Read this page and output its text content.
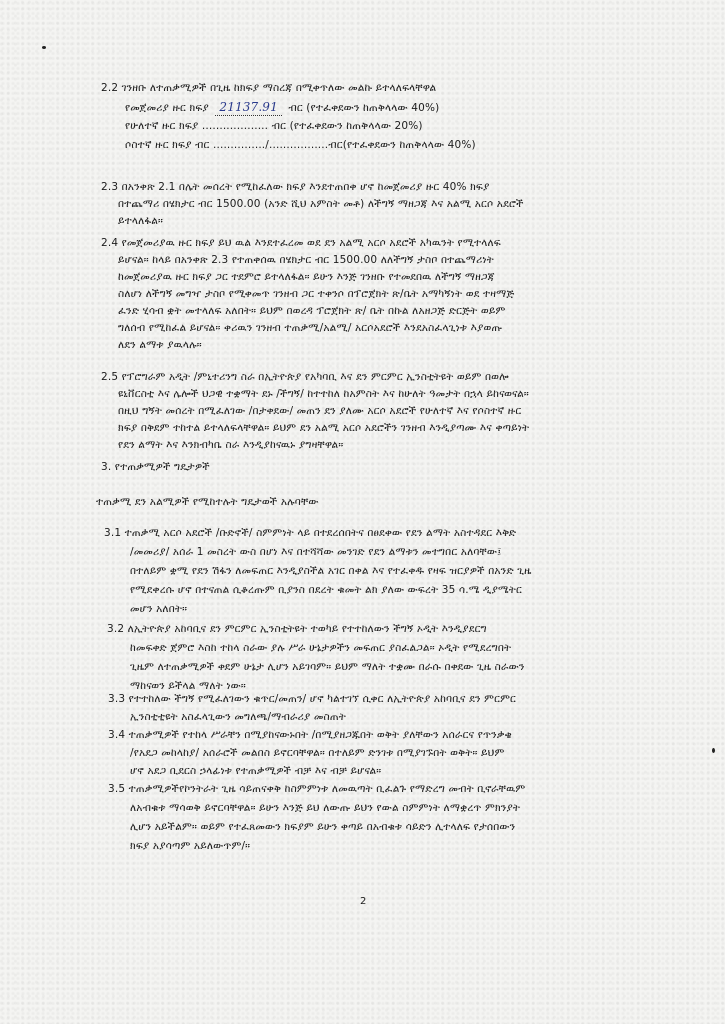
2.2 ገንዘቡ ለተጠቃሚዎች በጊዜ ከክፍያ ማስረጃ በሚቀጥለው መልኩ ይተላለፍላቸዋል
የመጀመሪያ ዙር ክፍያ 21137.91 ብር (የተፈቀደውን ከጠቅላላው 40%)
የሁለተኛ ዙር ክፍያ ................... ብር (የተፈቀደውን ከጠቅላላው 20%)
ሶስተኛ ዙር ክፍያ ብር .............../.................ብር(የተፈቀደውን ከጠቅላላው 40%)
2.3 በአንቀጽ 2.1 በሌት መሰረት የሚከፈለው ክፍያ እንደተጠበቀ ሆኖ ከመጀመሪያ ዙር 40% ክፍያ
በተጨማሪ በሄክታር ብር 1500.00 (አንድ ሺህ አምስት መቶ) ለችግኝ ማዘጋጃ እና አልሚ አርሶ አደሮች
ይተላለፋል።
2.4 የመጀመሪያዉ ዙር ክፍያ ይህ ዉል እንደተፈረመ ወደ ደን አልሚ አርሶ አደሮች አካዉንት የሚተላለፍ
ይሆናል። ከላይ በአንቀጽ 2.3 የተጠቀሰዉ በሄክታር ብር 1500.00 ለለችግኝ ታስቦ በተጨማሪነት
ከመጀመሪያዉ ዙር ክፍያ ጋር ተደምሮ ይተላለፋል። ይሁን እንጅ ገንዘቡ የተመደበዉ ለችግኝ ማዘጋጃ
ስለሆነ ለችግኝ መግዣ ታስቦ የሚቀመጥ ገንዘብ ጋር ተቀንሶ በፕሮጀክት ጽ/ቤት አማካኝነት ወደ ተዛማጅ
ፈንድ ሂሳብ ቋት መተላለፍ አለበት። ይህም በወረዳ ፕሮጀክት ጽ/ ቤት በኩል ለአዘጋጅ ድርጅት ወይም
ግለሰብ የሚከፈል ይሆናል። ቀሪዉን ገንዘብ ተጠቃሚ/አልሚ/ አርሶአደሮች እንደአስፈላጊነቱ እያወጡ
ለደን ልማቱ ያዉላሉ።
2.5 የፕሮግራም አዲት /ምኒተሪንግ ስራ በኢትዮጵያ የአካባቢ እና ደን ምርምር ኢንስቲትዩት ወይም በወሎ
ዩኒቨርስቲ እና ሌሎች ህጋዊ ተቋማት ደኑ /ችግኝ/ ከተተከለ ከአምስት እና ከሁለት ዓመታት በኋላ ይከናወናል።
በዚህ ግኝት መሰረት በሚፈለገው /በታቀደው/ መጠን ደን ያለሙ አርሶ አደሮች የሁለተኛ እና የሶስተኛ ዙር
ክፍያ በቅደም ተከተል ይተላለፍላቸዋል። ይህም ደን አልሚ አርሶ አደሮችን ገንዘብ እንዲያጣሙ እና ቀጣይነት
የደን ልማት እና እንክብካቤ ስራ እንዲያከናዉኑ ያግዛቸዋል።
3. የተጠቃሚዎች ግዴታዎች
ተጠቃሚ ደን አልሚዎች የሚከተሉት ግዴታወች አሉባቸው
3.1 ተጠቃሚ አርሶ አደሮች /ቡድኖች/ ስምምነት ላይ በተደረሰበትና በፀደቀው የደን ልማት አስተዳደር እቅድ
/መመሪያ/ አሰራ 1 መስረት ውስ በሆነ እና በተሻሻው መንገድ የደን ልማቱን መተግበር አለባቸው፤
በተለይም ቋሚ የደን ሽፋን ለመፍጠር እንዲያስችል አገር በቀል እና የተፈቀዱ የዛፍ ዝርያዎች በአንድ ጊዜ
የሚደቀረሱ ሆኖ በተናጠል ሲቆረጡም ቢያንስ በደረት ቁመት ልክ ያለው ውፍረት 35 ሳ.ሜ ዲያሜትር
መሆን አለበት።
3.2 ለኢትዮጵያ አከባቢና ደን ምርምር ኢንስቲትዩት ተወካይ የተተከለውን ችግኝ ኦዲት እንዲያደርግ
ከመፍቀድ ጀምሮ እስከ ተከላ ስራው ያሉ ሥራ ሁኔታዎችን መፍጠር ያስፈልጋል። ኦዲት የሚደረግበት
ጊዜም ለተጠቃሚዎች ቀደም ሁኔታ ሊሆን አይገባም። ይህም ማለት ተቋሙ በራሱ በቀደው ጊዜ ስራውን
ማከናወን ይችላል ማለት ነው።
3.3 የተተከለው ችግኝ የሚፈለገውን ቁጥር/መጠን/ ሆኖ ካልተገኘ ሲቀር ለኢትዮጵያ አከባቢና ደን ምርምር
ኢንስቲቲዩት አስፈላጊውን መግለጫ/ማብራሪያ መስጠት
3.4 ተጠቃሚዎች የተከላ ሥራቸን በሚያከናውኑበት /በሚያዘጋጁበት ወቅት ያለቸውን አሰራርና የጥንቃቄ
/የአደጋ መከላከያ/ አሰራሮች መልበስ ይኖርባቸዋል። በተለይም ድንገቱ በሚያገኙበት ወቅት። ይህም
ሆኖ አደጋ ቢደርስ ኃላፊነቱ የተጠቃሚዎች ብቻ እና ብቻ ይሆናል።
3.5 ተጠቃሚዎችየኮንትራት ጊዜ ሳይጠናቀቅ ከስምምነቱ ለመዉጣት ቢፈልጉ የማድረግ መብት ቢኖራቸዉም
ለአብቁቱ ማሳወቅ ይኖርባቸዋል። ይሁን እንጅ ይህ ለውጡ ይህን የውል ስምምነት ለማቋረጥ ምክንያት
ሊሆን አይችልም። ወይም የተፈጸመውን ክፍያም ይሁን ቀጣይ በአብቁቱ ሳይድን ሊተላለፍ የታሰበውን
ክፍያ አያሳጣም አይለውጥም/።
2
